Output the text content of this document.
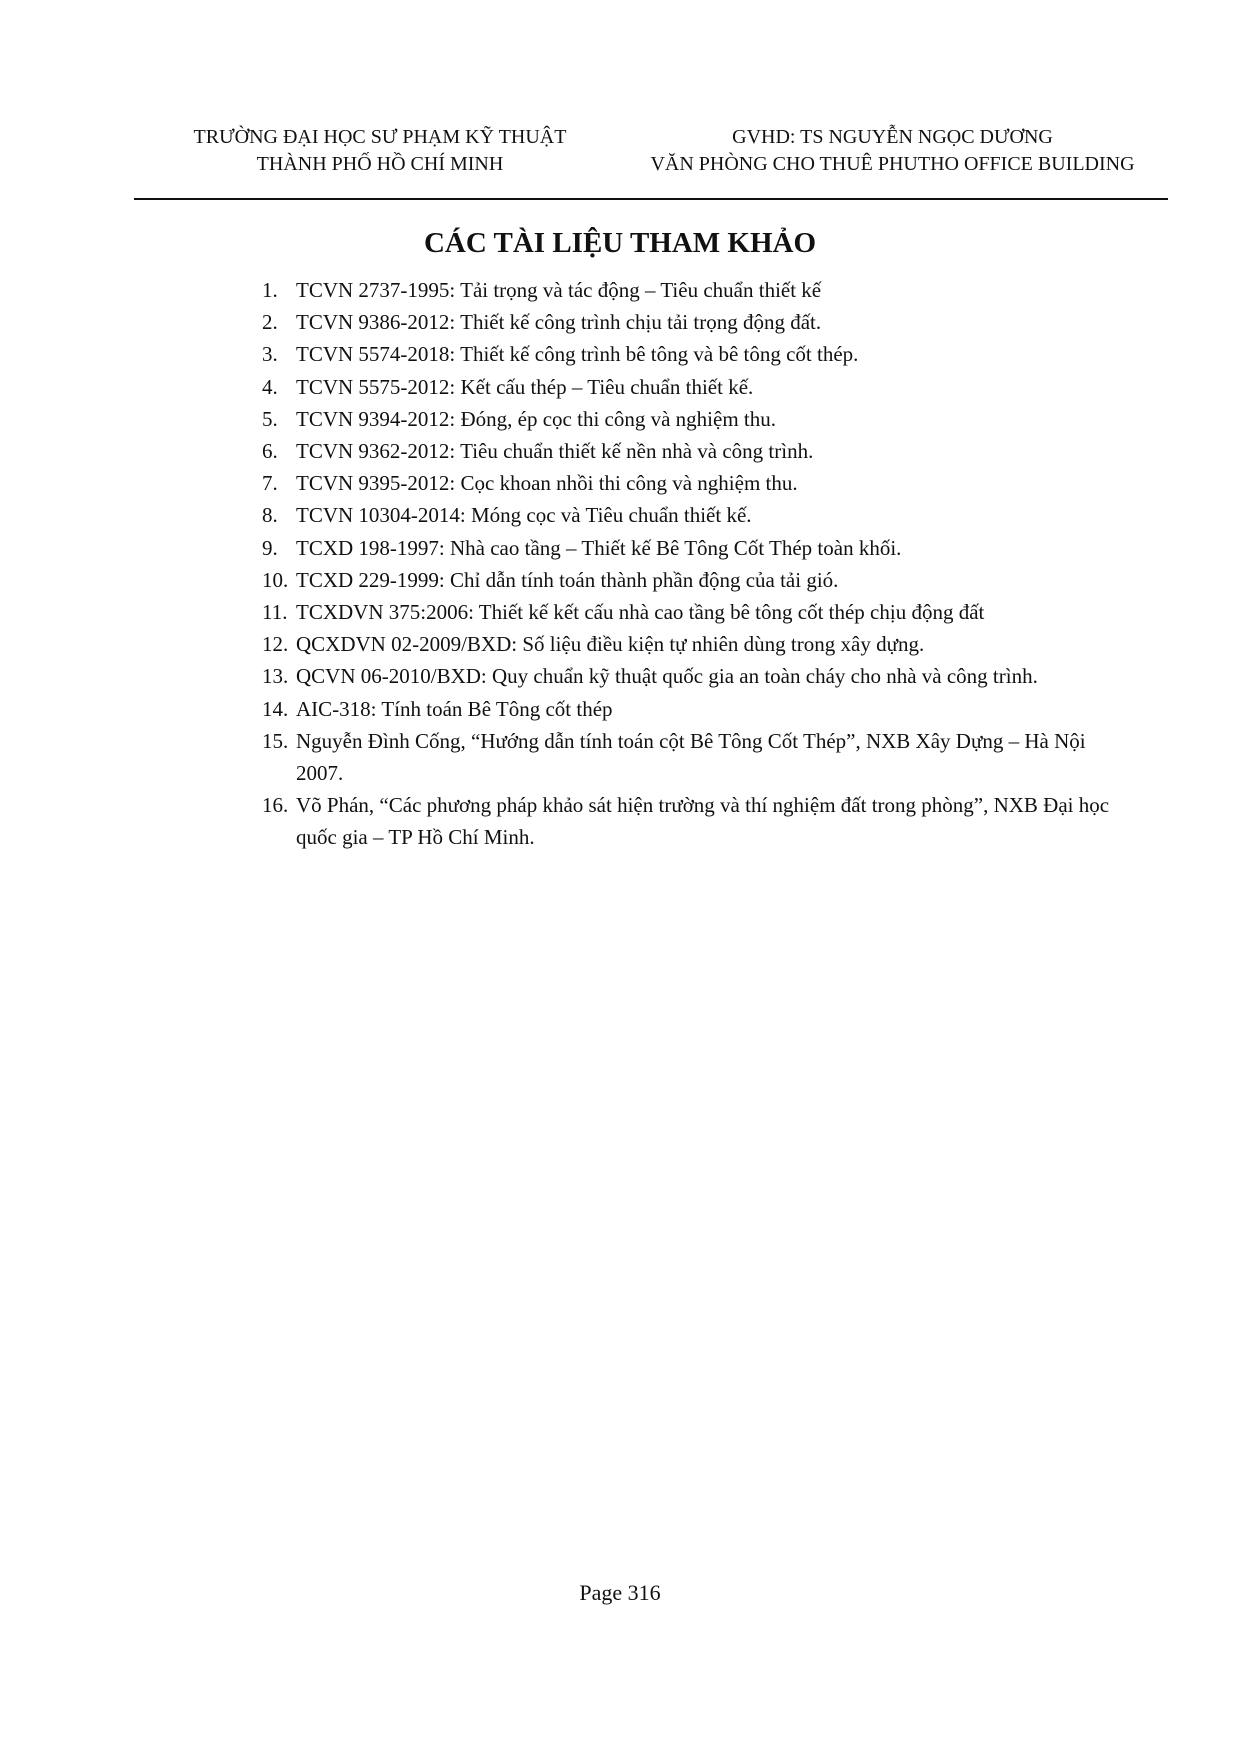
TRƯỜNG ĐẠI HỌC SƯ PHẠM KỸ THUẬT
THÀNH PHỐ HỒ CHÍ MINH
GVHD: TS NGUYỄN NGỌC DƯƠNG
VĂN PHÒNG CHO THUÊ PHUTHO OFFICE BUILDING
CÁC TÀI LIỆU THAM KHẢO
1. TCVN 2737-1995: Tải trọng và tác động – Tiêu chuẩn thiết kế
2. TCVN 9386-2012: Thiết kế công trình chịu tải trọng động đất.
3. TCVN 5574-2018: Thiết kế công trình bê tông và bê tông cốt thép.
4. TCVN 5575-2012: Kết cấu thép – Tiêu chuẩn thiết kế.
5. TCVN 9394-2012: Đóng, ép cọc thi công và nghiệm thu.
6. TCVN 9362-2012: Tiêu chuẩn thiết kế nền nhà và công trình.
7. TCVN 9395-2012: Cọc khoan nhồi thi công và nghiệm thu.
8. TCVN 10304-2014: Móng cọc và Tiêu chuẩn thiết kế.
9. TCXD 198-1997: Nhà cao tầng – Thiết kế Bê Tông Cốt Thép toàn khối.
10. TCXD 229-1999: Chỉ dẫn tính toán thành phần động của tải gió.
11. TCXDVN 375:2006: Thiết kế kết cấu nhà cao tầng bê tông cốt thép chịu động đất
12. QCXDVN 02-2009/BXD: Số liệu điều kiện tự nhiên dùng trong xây dựng.
13. QCVN 06-2010/BXD: Quy chuẩn kỹ thuật quốc gia an toàn cháy cho nhà và công trình.
14. AIC-318: Tính toán Bê Tông cốt thép
15. Nguyễn Đình Cống, “Hướng dẫn tính toán cột Bê Tông Cốt Thép”, NXB Xây Dựng – Hà Nội 2007.
16. Võ Phán, “Các phương pháp khảo sát hiện trường và thí nghiệm đất trong phòng”, NXB Đại học quốc gia – TP Hồ Chí Minh.
Page 316
